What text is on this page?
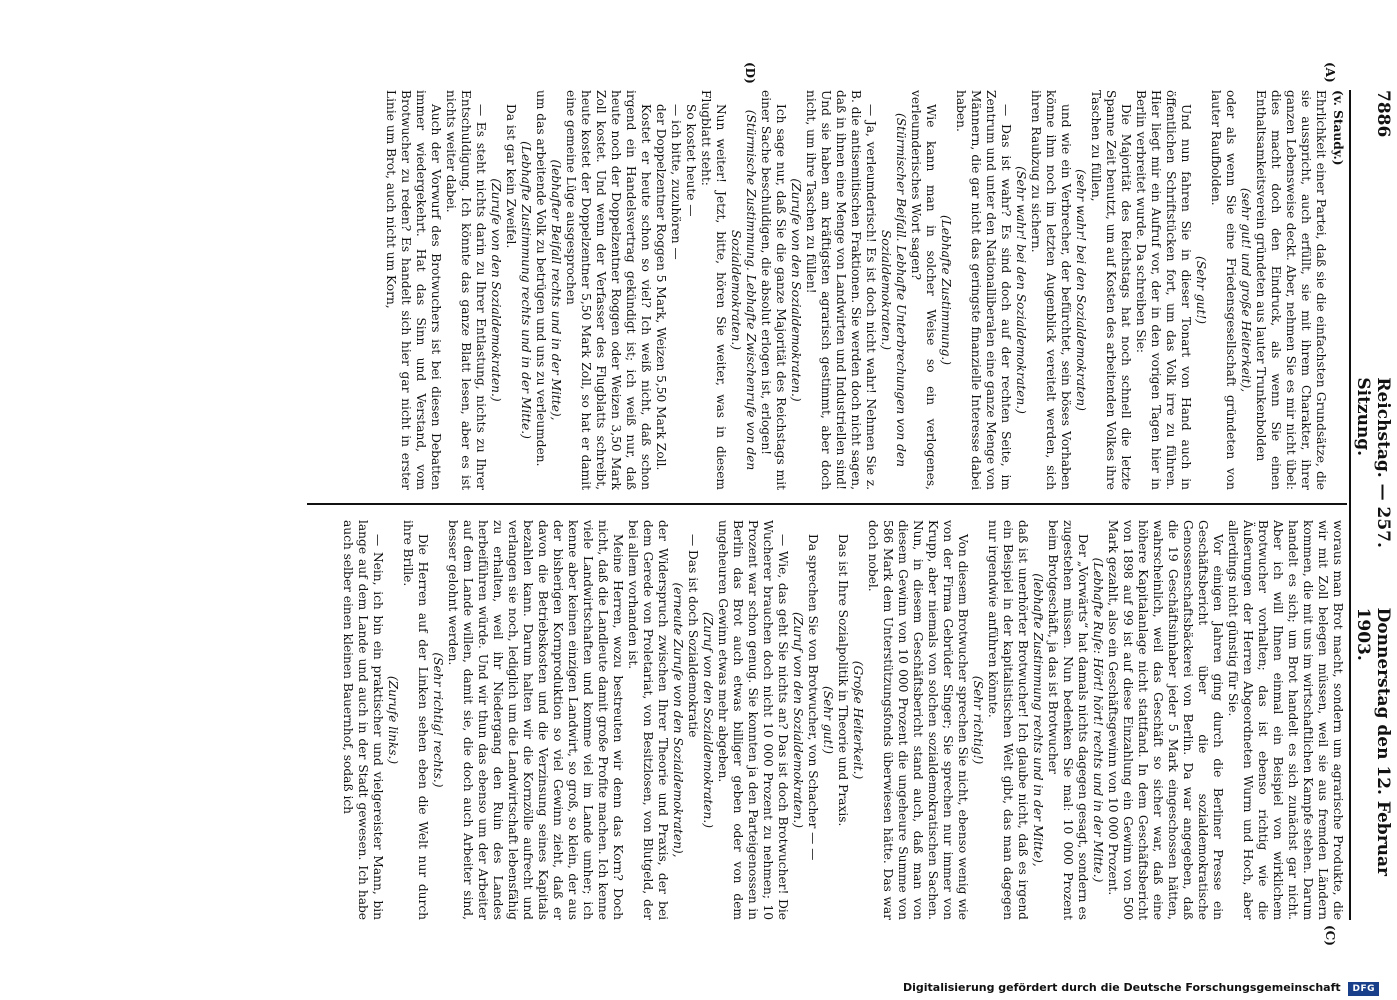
7886
Reichstag. — 257. Sitzung.
Donnerstag den 12. Februar 1903.
(A)
(D)
(C)

(v. Staudy.)

Ehrlichkeit einer Partei, daß sie die einfachsten Grundsätze, die sie ausspricht, auch erfüllt, sie mit ihrem Charakter, ihrer ganzen Lebensweise deckt. Aber, nehmen Sie es mir nicht übel: dies macht doch den Eindruck, als wenn Sie einen Enthaltsamkeitsverein gründeten aus lauter Trunkenbolden

(sehr gut! und große Heiterkeit),

oder als wenn Sie eine Friedensgesellschaft gründeten von lauter Raufbolden.

(Sehr gut!)

Und nun fahren Sie in dieser Tonart von Hand auch in öffentlichen Schriftstücken fort, um das Volk irre zu führen. Hier liegt mir ein Aufruf vor, der in den vorigen Tagen hier in Berlin verbreitet wurde. Da schreiben Sie:

Die Majorität des Reichstags hat noch schnell die letzte Spanne Zeit benutzt, um auf Kosten des arbeitenden Volkes ihre Taschen zu füllen,

(sehr wahr! bei den Sozialdemokraten)

und wie ein Verbrecher, der befürchtet, sein böses Vorhaben könne ihm noch im letzten Augenblick vereitelt werden, sich ihren Raubzug zu sichern.

(Sehr wahr! bei den Sozialdemokraten.)

— Das ist wahr? Es sind doch auf der rechten Seite, im Zentrum und unter den Nationalliberalen eine ganze Menge von Männern, die gar nicht das geringste finanzielle Interesse dabei haben.

(Lebhafte Zustimmung.)

Wie kann man in solcher Weise so ein verlogenes, verleumderisches Wort sagen?

(Stürmischer Beifall. Lebhafte Unterbrechungen von den Sozialdemokraten.)

— Ja, verleumderisch! Es ist doch nicht wahr! Nehmen Sie z. B. die antisemitischen Fraktionen. Sie werden doch nicht sagen, daß in ihnen eine Menge von Landwirten und Industriellen sind! Und sie haben am kräftigsten agrarisch gestimmt, aber doch nicht, um ihre Taschen zu füllen!

(Zurufe von den Sozialdemokraten.)

Ich sage nur, daß Sie die ganze Majorität des Reichstags mit einer Sache beschuldigen, die absolut erlogen ist, erlogen!

(Stürmische Zustimmung. Lebhafte Zwischenrufe von den Sozialdemokraten.)

Nun weiter! Jetzt, bitte, hören Sie weiter, was in diesem Flugblatt steht:

So kostet heute —

— ich bitte, zuzuhören —

der Doppelzentner Roggen 5 Mark, Weizen 5,50 Mark Zoll.

Kostet er heute schon so viel? Ich weiß nicht, daß schon irgend ein Handelsvertrag gekündigt ist; ich weiß nur, daß heute noch der Doppelzentner Roggen oder Weizen 3,50 Mark Zoll kostet. Und wenn der Verfasser des Flugblatts schreibt, heute kostet der Doppelzentner 5,50 Mark Zoll, so hat er damit eine gemeine Lüge ausgesprochen

(lebhafter Beifall rechts und in der Mitte),

um das arbeitende Volk zu betrügen und uns zu verleumden.

(Lebhafte Zustimmung rechts und in der Mitte.)

Da ist gar kein Zweifel.

(Zurufe von den Sozialdemokraten.)

— Es steht nichts darin zu Ihrer Entlastung, nichts zu Ihrer Entschuldigung. Ich könnte das ganze Blatt lesen, aber es ist nichts weiter dabei.

Auch der Vorwurf des Brotwuchers ist bei diesen Debatten immer wiedergekehrt. Hat das Sinn und Verstand, vom Brotwucher zu reden? Es handelt sich hier gar nicht in erster Linie um Brot, auch nicht um Korn,

woraus man Brot macht, sondern um agrarische Produkte, die wir mit Zoll belegen müssen, weil sie aus fremden Ländern kommen, die mit uns im wirtschaftlichen Kampfe stehen. Darum handelt es sich; um Brot handelt es sich zunächst gar nicht. Aber ich will Ihnen einmal ein Beispiel von wirklichem Brotwucher vorhalten; das ist ebenso richtig wie die Äußerungen der Herren Abgeordneten Wurm und Hoch, aber allerdings nicht günstig für Sie.

Vor einigen Jahren ging durch die Berliner Presse ein Geschäftsbericht über die sozialdemokratische Genossenschaftsbäckerei von Berlin. Da war angegeben, daß die 19 Geschäftsinhaber jeder 5 Mark eingeschossen hätten, wahrscheinlich, weil das Geschäft so sicher war, daß eine höhere Kapitalanlage nicht stattfand. In dem Geschäftsbericht von 1898 auf 99 ist auf diese Einzahlung ein Gewinn von 500 Mark gezahlt, also ein Geschäftsgewinn von 10 000 Prozent.

(Lebhafte Rufe: Hört! hört! rechts und in der Mitte.)

Der „Vorwärts“ hat damals nichts dagegen gesagt, sondern es zugestehen müssen. Nun bedenken Sie mal: 10 000 Prozent beim Brotgeschäft, ja das ist Brotwucher

(lebhafte Zustimmung rechts und in der Mitte),

daß ist unerhörter Brotwucher! Ich glaube nicht, daß es irgend ein Beispiel in der kapitalistischen Welt gibt, das man dagegen nur irgendwie anführen könnte.

(Sehr richtig!)

Von diesem Brotwucher sprechen Sie nicht, ebenso wenig wie von der Firma Gebrüder Singer; Sie sprechen nur immer von Krupp, aber niemals von solchen sozialdemokratischen Sachen. Nun, in diesem Geschäftsbericht stand auch, daß man von diesem Gewinn von 10 000 Prozent die ungeheure Summe von 586 Mark dem Unterstützungsfonds überwiesen hätte. Das war doch nobel.

(Große Heiterkeit.)

Das ist Ihre Sozialpolitik in Theorie und Praxis.

(Sehr gut!)

Da sprechen Sie von Brotwucher, von Schacher — —

(Zuruf von den Sozialdemokraten.)

— Wie, das geht Sie nichts an? Das ist doch Brotwucher! Die Wucherer brauchen doch nicht 10 000 Prozent zu nehmen; 10 Prozent war schon genug. Sie konnten ja den Parteigenossen in Berlin das Brot auch etwas billiger geben oder von dem ungeheuren Gewinn etwas mehr abgeben.

(Zuruf von den Sozialdemokraten.)

— Das ist doch Sozialdemokratie

(erneute Zurufe von den Sozialdemokraten),

der Widerspruch zwischen Ihrer Theorie und Praxis, der bei dem Gerede von Proletariat, von Besitzlosen, von Blutgeld, der bei allem vorhanden ist.

Meine Herren, wozu bestreuten wir denn das Korn? Doch nicht, daß die Landleute damit große Profite machen. Ich kenne viele Landwirtschaften und komme viel im Lande umher; ich kenne aber keinen einzigen Landwirt, so groß, so klein, der aus der bisherigen Kornproduktion so viel Gewinn zieht, daß er davon die Betriebskosten und die Verzinsung seines Kapitals bezahlen kann. Darum halten wir die Kornzölle aufrecht und verlangen sie noch, lediglich um die Landwirtschaft lebensfähig zu erhalten, weil ihr Niedergang den Ruin des Landes herbeiführen würde. Und wir thun das ebenso um der Arbeiter auf dem Lande willen, damit sie, die doch auch Arbeiter sind, besser gelohnt werden.

(Sehr richtig! rechts.)

Die Herren auf der Linken sehen eben die Welt nur durch ihre Brille.

(Zurufe links.)

— Nein, ich bin ein praktischer und vielgereister Mann, bin lange auf dem Lande und auch in der Stadt gewesen. Ich habe auch selber einen kleinen Bauernhof, sodaß ich

Digitalisierung gefördert durch die Deutsche Forschungsgemeinschaft DFG
